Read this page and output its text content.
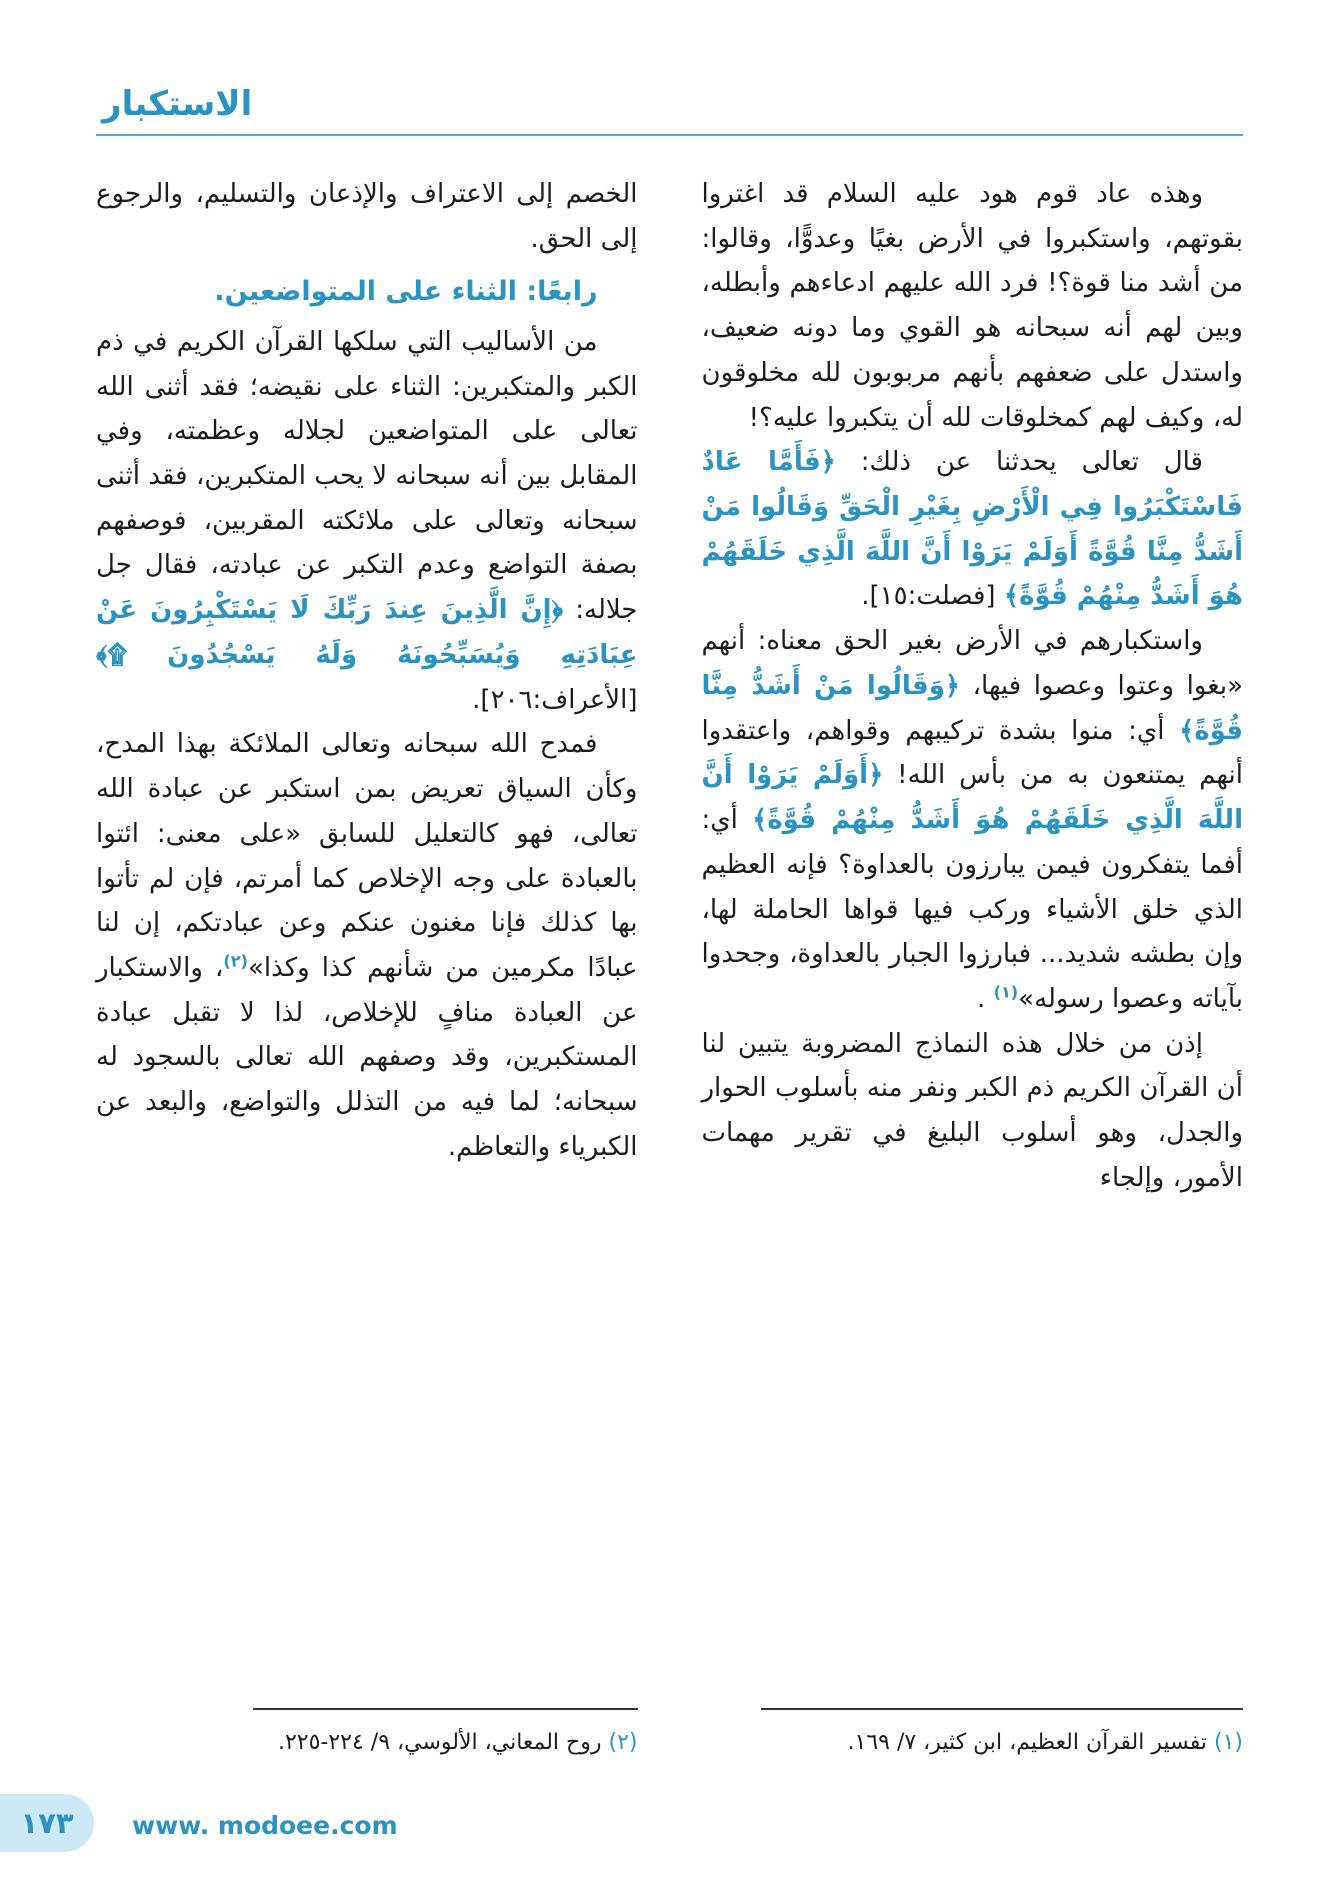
الاستكبار

وهذه عاد قوم هود عليه السلام قد اغتروا بقوتهم، واستكبروا في الأرض بغيًا وعدوًّا، وقالوا: من أشد منا قوة؟! فرد الله عليهم ادعاءهم وأبطله، وبين لهم أنه سبحانه هو القوي وما دونه ضعيف، واستدل على ضعفهم بأنهم مربوبون لله مخلوقون له، وكيف لهم كمخلوقات لله أن يتكبروا عليه؟!

قال تعالى يحدثنا عن ذلك: ﴿فَأَمَّا عَادٌ فَاسْتَكْبَرُوا فِي الْأَرْضِ بِغَيْرِ الْحَقِّ وَقَالُوا مَنْ أَشَدُّ مِنَّا قُوَّةً أَوَلَمْ يَرَوْا أَنَّ اللَّهَ الَّذِي خَلَقَهُمْ هُوَ أَشَدُّ مِنْهُمْ قُوَّةً﴾ [فصلت:١٥].

واستكبارهم في الأرض بغير الحق معناه: أنهم «بغوا وعتوا وعصوا فيها، ﴿وَقَالُوا مَنْ أَشَدُّ مِنَّا قُوَّةً﴾ أي: منوا بشدة تركيبهم وقواهم، واعتقدوا أنهم يمتنعون به من بأس الله! ﴿أَوَلَمْ يَرَوْا أَنَّ اللَّهَ الَّذِي خَلَقَهُمْ هُوَ أَشَدُّ مِنْهُمْ قُوَّةً﴾ أي: أفما يتفكرون فيمن يبارزون بالعداوة؟ فإنه العظيم الذي خلق الأشياء وركب فيها قواها الحاملة لها، وإن بطشه شديد... فبارزوا الجبار بالعداوة، وجحدوا بآياته وعصوا رسوله»$^{(١)}$ .

إذن من خلال هذه النماذج المضروبة يتبين لنا أن القرآن الكريم ذم الكبر ونفر منه بأسلوب الحوار والجدل، وهو أسلوب البليغ في تقرير مهمات الأمور، وإلجاء

الخصم إلى الاعتراف والإذعان والتسليم، والرجوع إلى الحق.

رابعًا: الثناء على المتواضعين.

من الأساليب التي سلكها القرآن الكريم في ذم الكبر والمتكبرين: الثناء على نقيضه؛ فقد أثنى الله تعالى على المتواضعين لجلاله وعظمته، وفي المقابل بين أنه سبحانه لا يحب المتكبرين، فقد أثنى سبحانه وتعالى على ملائكته المقربين، فوصفهم بصفة التواضع وعدم التكبر عن عبادته، فقال جل جلاله: ﴿إِنَّ الَّذِينَ عِندَ رَبِّكَ لَا يَسْتَكْبِرُونَ عَنْ عِبَادَتِهِ وَيُسَبِّحُونَهُ وَلَهُ يَسْجُدُونَ ۩﴾ [الأعراف:٢٠٦].

فمدح الله سبحانه وتعالى الملائكة بهذا المدح، وكأن السياق تعريض بمن استكبر عن عبادة الله تعالى، فهو كالتعليل للسابق «على معنى: ائتوا بالعبادة على وجه الإخلاص كما أمرتم، فإن لم تأتوا بها كذلك فإنا مغنون عنكم وعن عبادتكم، إن لنا عبادًا مكرمين من شأنهم كذا وكذا»$^{(٢)}$، والاستكبار عن العبادة منافٍ للإخلاص، لذا لا تقبل عبادة المستكبرين، وقد وصفهم الله تعالى بالسجود له سبحانه؛ لما فيه من التذلل والتواضع، والبعد عن الكبرياء والتعاظم.

(١) تفسير القرآن العظيم، ابن كثير، ٧/ ١٦٩.

(٢) روح المعاني، الألوسي، ٩/ ٢٢٤-٢٢٥.

١٧٣ www. modoee.com
